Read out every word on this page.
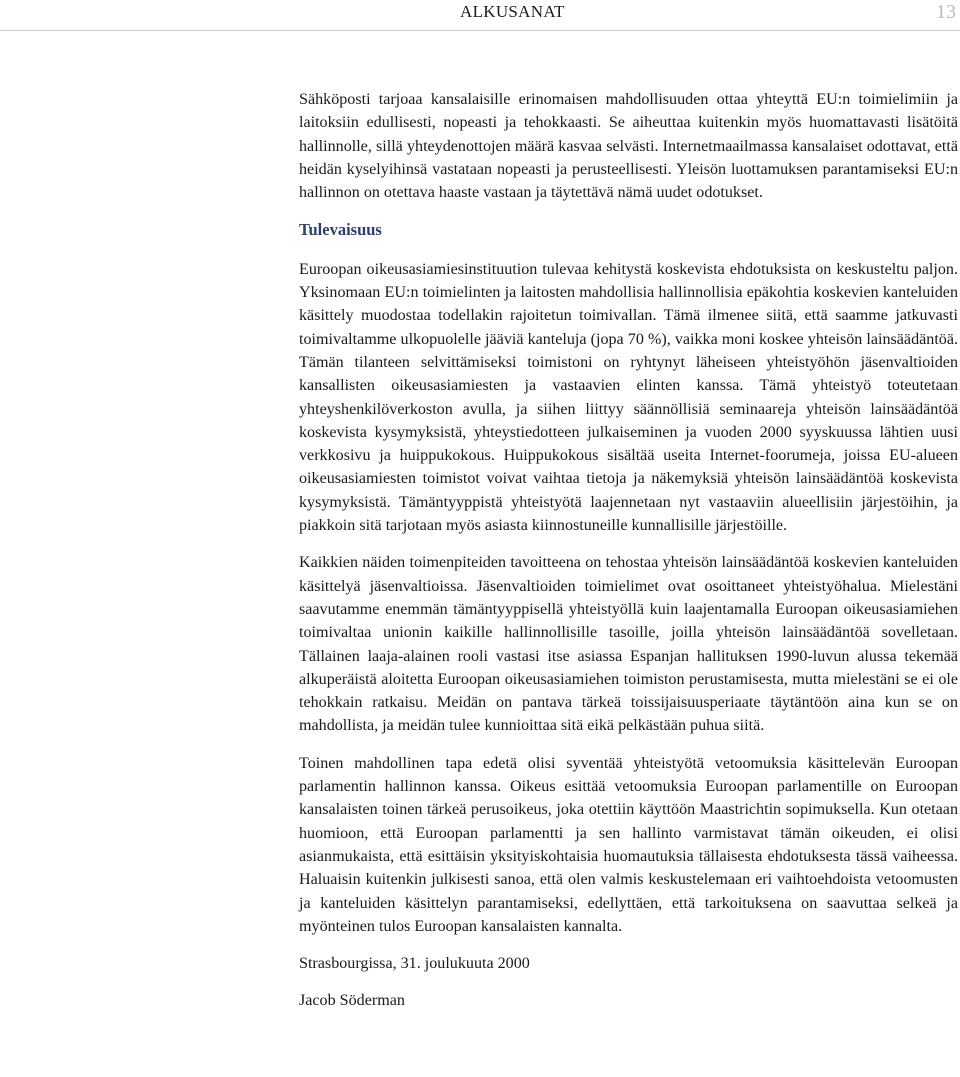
ALKUSANAT	13

Sähköposti tarjoaa kansalaisille erinomaisen mahdollisuuden ottaa yhteyttä EU:n toimielimiin ja laitoksiin edullisesti, nopeasti ja tehokkaasti. Se aiheuttaa kuitenkin myös huomattavasti lisätöitä hallinnolle, sillä yhteydenottojen määrä kasvaa selvästi. Internetmaailmassa kansalaiset odottavat, että heidän kyselyihinsä vastataan nopeasti ja perusteellisesti. Yleisön luottamuksen parantamiseksi EU:n hallinnon on otettava haaste vastaan ja täytettävä nämä uudet odotukset.

Tulevaisuus

Euroopan oikeusasiamiesinstituution tulevaa kehitystä koskevista ehdotuksista on keskusteltu paljon. Yksinomaan EU:n toimielinten ja laitosten mahdollisia hallinnollisia epäkohtia koskevien kanteluiden käsittely muodostaa todellakin rajoitetun toimivallan. Tämä ilmenee siitä, että saamme jatkuvasti toimivaltamme ulkopuolelle jääviä kanteluja (jopa 70 %), vaikka moni koskee yhteisön lainsäädäntöä. Tämän tilanteen selvittämiseksi toimistoni on ryhtynyt läheiseen yhteistyöhön jäsenvaltioiden kansallisten oikeusasiamiesten ja vastaavien elinten kanssa. Tämä yhteistyö toteutetaan yhteyshenkilöverkoston avulla, ja siihen liittyy säännöllisiä seminaareja yhteisön lainsäädäntöä koskevista kysymyksistä, yhteystiedotteen julkaiseminen ja vuoden 2000 syyskuussa lähtien uusi verkkosivu ja huippukokous. Huippukokous sisältää useita Internet-foorumeja, joissa EU-alueen oikeusasiamiesten toimistot voivat vaihtaa tietoja ja näkemyksiä yhteisön lainsäädäntöä koskevista kysymyksistä. Tämäntyyppistä yhteistyötä laajennetaan nyt vastaaviin alueellisiin järjestöihin, ja piakkoin sitä tarjotaan myös asiasta kiinnostuneille kunnallisille järjestöille.

Kaikkien näiden toimenpiteiden tavoitteena on tehostaa yhteisön lainsäädäntöä koskevien kanteluiden käsittelyä jäsenvaltioissa. Jäsenvaltioiden toimielimet ovat osoittaneet yhteistyöhalua. Mielestäni saavutamme enemmän tämäntyyppisellä yhteistyöllä kuin laajentamalla Euroopan oikeusasiamiehen toimivaltaa unionin kaikille hallinnollisille tasoille, joilla yhteisön lainsäädäntöä sovelletaan. Tällainen laaja-alainen rooli vastasi itse asiassa Espanjan hallituksen 1990-luvun alussa tekemää alkuperäistä aloitetta Euroopan oikeusasiamiehen toimiston perustamisesta, mutta mielestäni se ei ole tehokkain ratkaisu. Meidän on pantava tärkeä toissijaisuusperiaate täytäntöön aina kun se on mahdollista, ja meidän tulee kunnioittaa sitä eikä pelkästään puhua siitä.

Toinen mahdollinen tapa edetä olisi syventää yhteistyötä vetoomuksia käsittelevän Euroopan parlamentin hallinnon kanssa. Oikeus esittää vetoomuksia Euroopan parlamentille on Euroopan kansalaisten toinen tärkeä perusoikeus, joka otettiin käyttöön Maastrichtin sopimuksella. Kun otetaan huomioon, että Euroopan parlamentti ja sen hallinto varmistavat tämän oikeuden, ei olisi asianmukaista, että esittäisin yksityiskohtaisia huomautuksia tällaisesta ehdotuksesta tässä vaiheessa. Haluaisin kuitenkin julkisesti sanoa, että olen valmis keskustelemaan eri vaihtoehdoista vetoomusten ja kanteluiden käsittelyn parantamiseksi, edellyttäen, että tarkoituksena on saavuttaa selkeä ja myönteinen tulos Euroopan kansalaisten kannalta.

Strasbourgissa, 31. joulukuuta 2000

Jacob Söderman
